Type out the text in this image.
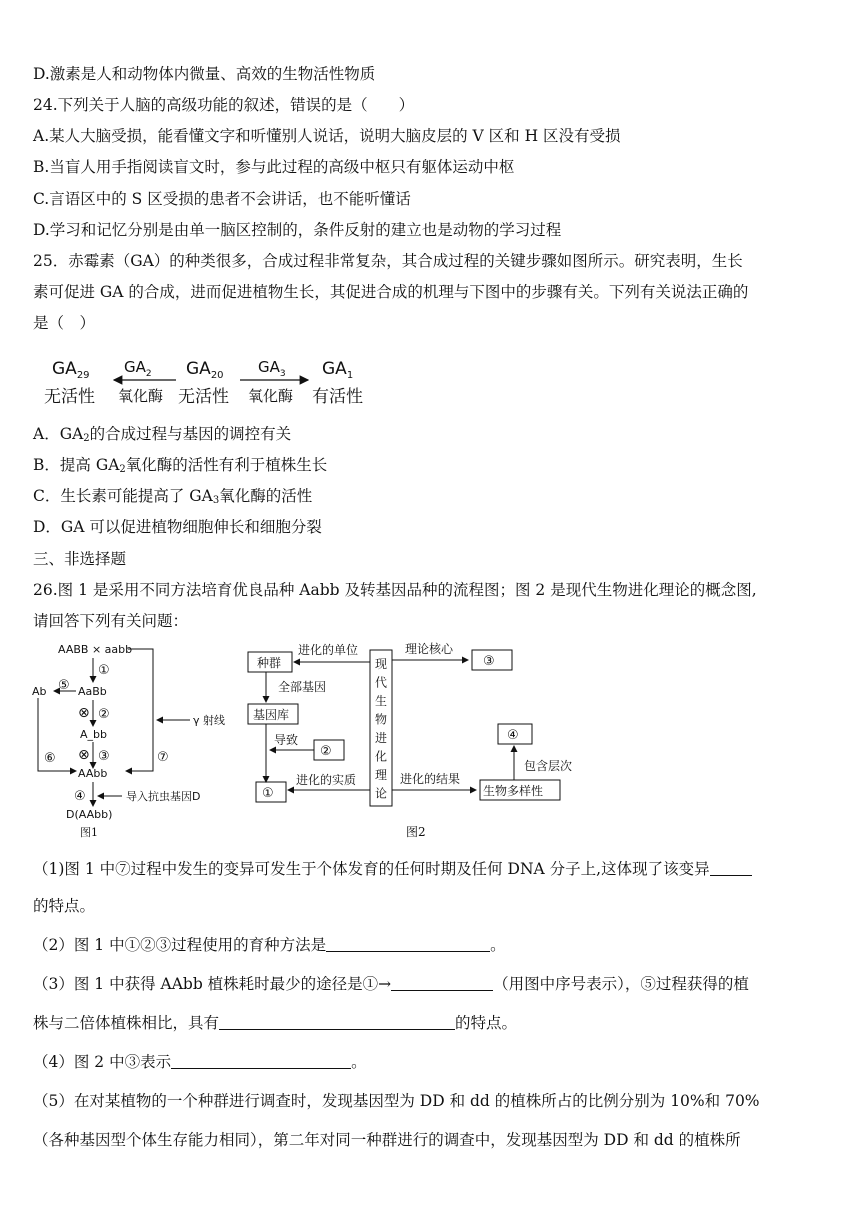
D.激素是人和动物体内微量、高效的生物活性物质
24.下列关于人脑的高级功能的叙述，错误的是（　　）
A.某人大脑受损，能看懂文字和听懂别人说话，说明大脑皮层的 V 区和 H 区没有受损
B.当盲人用手指阅读盲文时，参与此过程的高级中枢只有躯体运动中枢
C.言语区中的 S 区受损的患者不会讲话，也不能听懂话
D.学习和记忆分别是由单一脑区控制的，条件反射的建立也是动物的学习过程
25．赤霉素（GA）的种类很多，合成过程非常复杂，其合成过程的关键步骤如图所示。研究表明，生长
素可促进 GA 的合成，进而促进植物生长，其促进合成的机理与下图中的步骤有关。下列有关说法正确的
是（　）
$GA_{29}$
无活性
$GA_2$
氧化酶
$GA_{20}$
无活性
$GA_3$
氧化酶
$GA_1$
有活性
A．$GA_2$的合成过程与基因的调控有关
B．提高 $GA_2$氧化酶的活性有利于植株生长
C．生长素可能提高了 $GA_3$氧化酶的活性
D．GA 可以促进植物细胞伸长和细胞分裂
三、非选择题
26.图 1 是采用不同方法培育优良品种 Aabb 及转基因品种的流程图；图 2 是现代生物进化理论的概念图,
请回答下列有关问题：
AABB × aabb
①
AaBb
⑤
Ab
⊗ ②
A_bb
⊗ ③
γ 射线
⑦
⑥
AAbb
④	导入抗虫基因D
D(AAbb)
图1
现
代
生
物
进
化
理
论
种群
进化的单位	理论核心
③
全部基因
基因库
导致
②
①
进化的实质	进化的结果
生物多样性
④
包含层次
图2
（1)图 1 中⑦过程中发生的变异可发生于个体发育的任何时期及任何 DNA 分子上,这体现了该变异
的特点。
（2）图 1 中①②③过程使用的育种方法是	。
（3）图 1 中获得 AAbb 植株耗时最少的途径是①→	（用图中序号表示），⑤过程获得的植
株与二倍体植株相比，具有	的特点。
（4）图 2 中③表示	。
（5）在对某植物的一个种群进行调查时，发现基因型为 DD 和 dd 的植株所占的比例分别为 10%和 70%
（各种基因型个体生存能力相同），第二年对同一种群进行的调查中，发现基因型为 DD 和 dd 的植株所
